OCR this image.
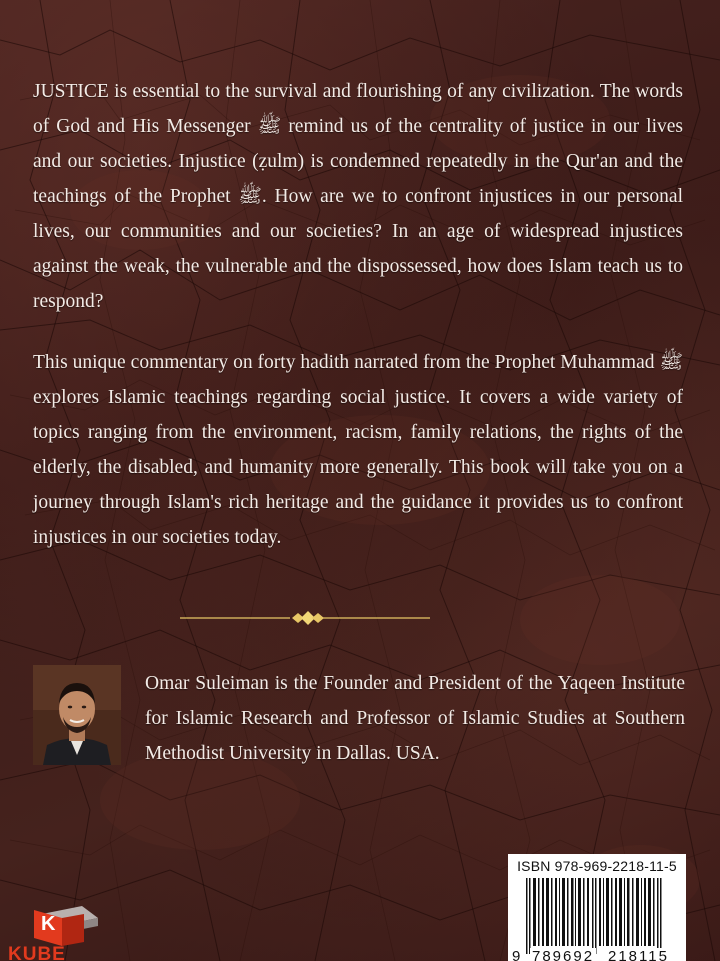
JUSTICE is essential to the survival and flourishing of any civilization. The words of God and His Messenger ﷺ remind us of the centrality of justice in our lives and our societies. Injustice (ẓulm) is condemned repeatedly in the Qur'an and the teachings of the Prophet ﷺ. How are we to confront injustices in our personal lives, our communities and our societies? In an age of widespread injustices against the weak, the vulnerable and the dispossessed, how does Islam teach us to respond?

This unique commentary on forty hadith narrated from the Prophet Muhammad ﷺ explores Islamic teachings regarding social justice. It covers a wide variety of topics ranging from the environment, racism, family relations, the rights of the elderly, the disabled, and humanity more generally. This book will take you on a journey through Islam's rich heritage and the guidance it provides us to confront injustices in our societies today.

Omar Suleiman is the Founder and President of the Yaqeen Institute for Islamic Research and Professor of Islamic Studies at Southern Methodist University in Dallas. USA.

K
KUBE
ISBN 978-969-2218-11-5
9 789692 218115
